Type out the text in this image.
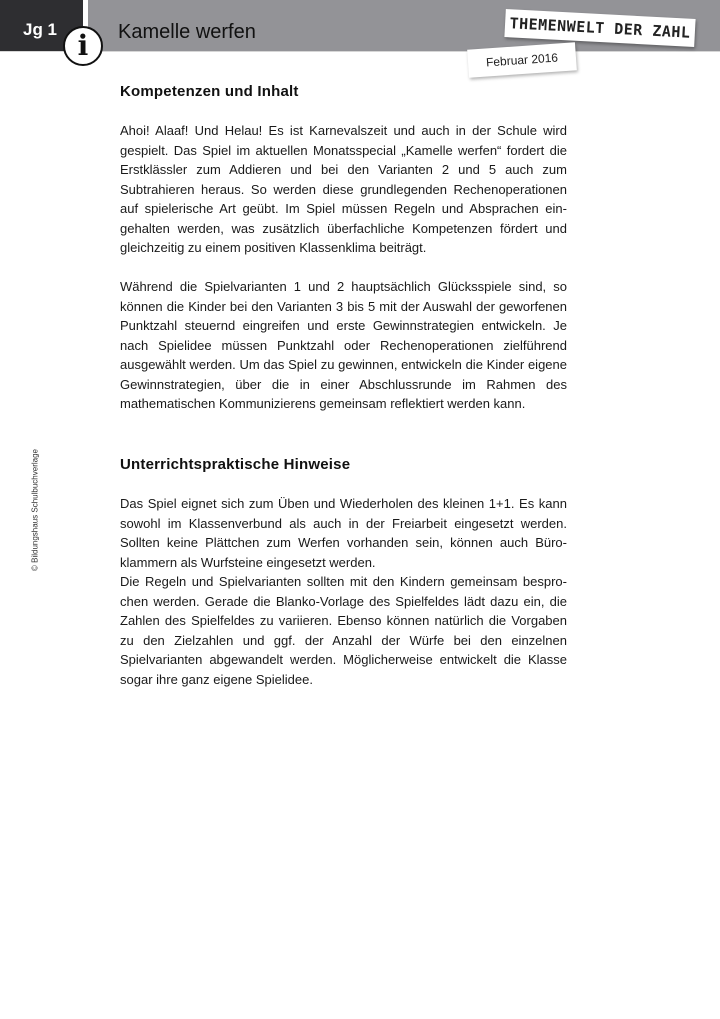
Jg 1 i Kamelle werfen	THEMENWELT DER ZAHL
Februar 2016
© Bildungshaus Schulbuchverlage
Kompetenzen und Inhalt

Ahoi! Alaaf! Und Helau! Es ist Karnevalszeit und auch in der Schule wird gespielt. Das Spiel im aktuellen Monatsspecial „Kamelle werfen“ fordert die Erstklässler zum Addieren und bei den Varianten 2 und 5 auch zum Subtrahieren heraus. So werden diese grundlegenden Rechenoperationen auf spielerische Art geübt. Im Spiel müssen Regeln und Absprachen eingehalten werden, was zusätzlich überfachliche Kompetenzen fördert und gleichzeitig zu einem positiven Klassenklima beiträgt.

Während die Spielvarianten 1 und 2 hauptsächlich Glücksspiele sind, so können die Kinder bei den Varianten 3 bis 5 mit der Auswahl der geworfenen Punktzahl steuernd eingreifen und erste Gewinnstrategien entwickeln. Je nach Spielidee müssen Punktzahl oder Rechenoperationen zielführend ausgewählt werden. Um das Spiel zu gewinnen, entwickeln die Kinder eigene Gewinnstrategien, über die in einer Abschlussrunde im Rahmen des mathematischen Kommunizierens gemeinsam reflektiert werden kann.

Unterrichtspraktische Hinweise

Das Spiel eignet sich zum Üben und Wiederholen des kleinen 1+1. Es kann sowohl im Klassenverbund als auch in der Freiarbeit eingesetzt werden. Sollten keine Plättchen zum Werfen vorhanden sein, können auch Büroklammern als Wurfsteine eingesetzt werden.

Die Regeln und Spielvarianten sollten mit den Kindern gemeinsam besprochen werden. Gerade die Blanko-Vorlage des Spielfeldes lädt dazu ein, die Zahlen des Spielfeldes zu variieren. Ebenso können natürlich die Vorgaben zu den Zielzahlen und ggf. der Anzahl der Würfe bei den einzelnen Spielvarianten abgewandelt werden. Möglicherweise entwickelt die Klasse sogar ihre ganz eigene Spielidee.
